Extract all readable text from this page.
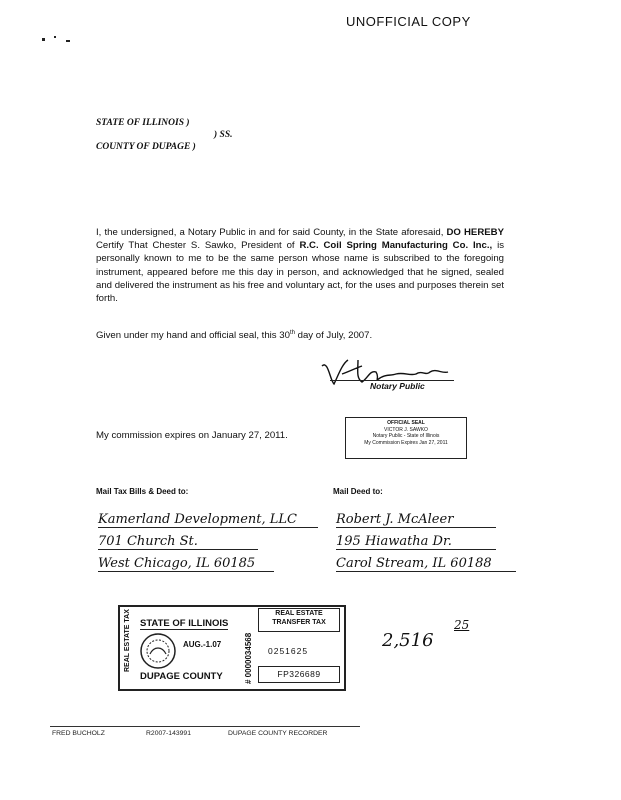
UNOFFICIAL COPY
STATE OF ILLINOIS )
) SS.
COUNTY OF DUPAGE )
I, the undersigned, a Notary Public in and for said County, in the State aforesaid, DO HEREBY Certify That Chester S. Sawko, President of R.C. Coil Spring Manufacturing Co. Inc., is personally known to me to be the same person whose name is subscribed to the foregoing instrument, appeared before me this day in person, and acknowledged that he signed, sealed and delivered the instrument as his free and voluntary act, for the uses and purposes therein set forth.
Given under my hand and official seal, this 30th day of July, 2007.
Notary Public
My commission expires on January 27, 2011.
OFFICIAL SEAL
VICTOR J. SAWKO
Notary Public - State of Illinois
My Commission Expires Jan 27, 2011
Mail Tax Bills & Deed to:	Mail Deed to:
Kamerland Development, LLC
701 Church St.
West Chicago, IL 60185
Robert J. McAleer
195 Hiawatha Dr.
Carol Stream, IL 60188
REAL ESTATE TAX STATE OF ILLINOIS
AUG.-1.07
DUPAGE COUNTY	# 0000034568
REAL ESTATE
TRANSFER TAX
0251625
FP326689
2,516
25
FRED BUCHOLZ	R2007-143991	DUPAGE COUNTY RECORDER
